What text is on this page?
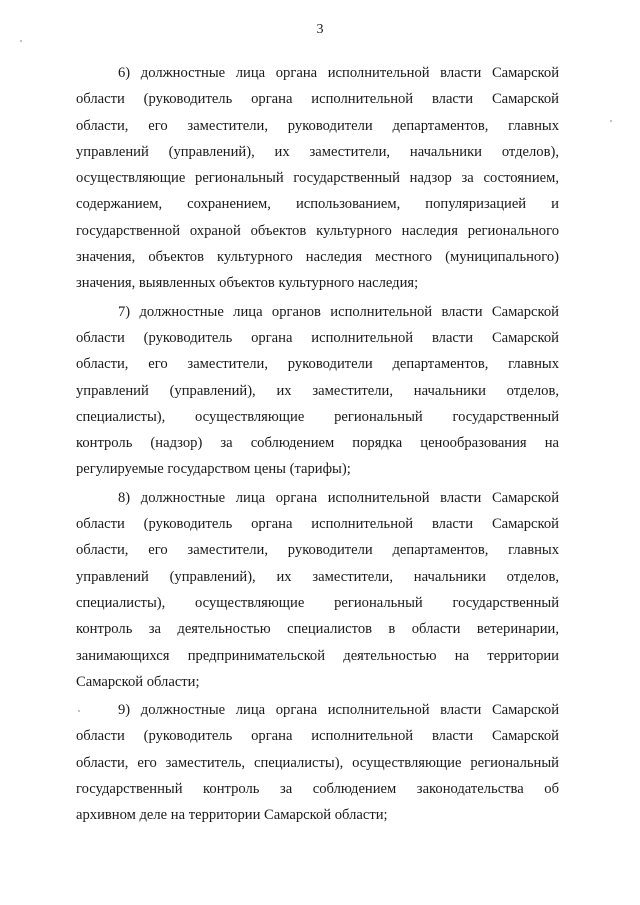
3

6) должностные лица органа исполнительной власти Самарской
области (руководитель органа исполнительной власти Самарской
области, его заместители, руководители департаментов, главных
управлений (управлений), их заместители, начальники отделов),
осуществляющие региональный государственный надзор за состоянием,
содержанием, сохранением, использованием, популяризацией и
государственной охраной объектов культурного наследия регионального
значения, объектов культурного наследия местного (муниципального)
значения, выявленных объектов культурного наследия;

7) должностные лица органов исполнительной власти Самарской
области (руководитель органа исполнительной власти Самарской
области, его заместители, руководители департаментов, главных
управлений (управлений), их заместители, начальники отделов,
специалисты), осуществляющие региональный государственный
контроль (надзор) за соблюдением порядка ценообразования на
регулируемые государством цены (тарифы);

8) должностные лица органа исполнительной власти Самарской
области (руководитель органа исполнительной власти Самарской
области, его заместители, руководители департаментов, главных
управлений (управлений), их заместители, начальники отделов,
специалисты), осуществляющие региональный государственный
контроль за деятельностью специалистов в области ветеринарии,
занимающихся предпринимательской деятельностью на территории
Самарской области;

9) должностные лица органа исполнительной власти Самарской
области (руководитель органа исполнительной власти Самарской
области, его заместитель, специалисты), осуществляющие региональный
государственный контроль за соблюдением законодательства об
архивном деле на территории Самарской области;
